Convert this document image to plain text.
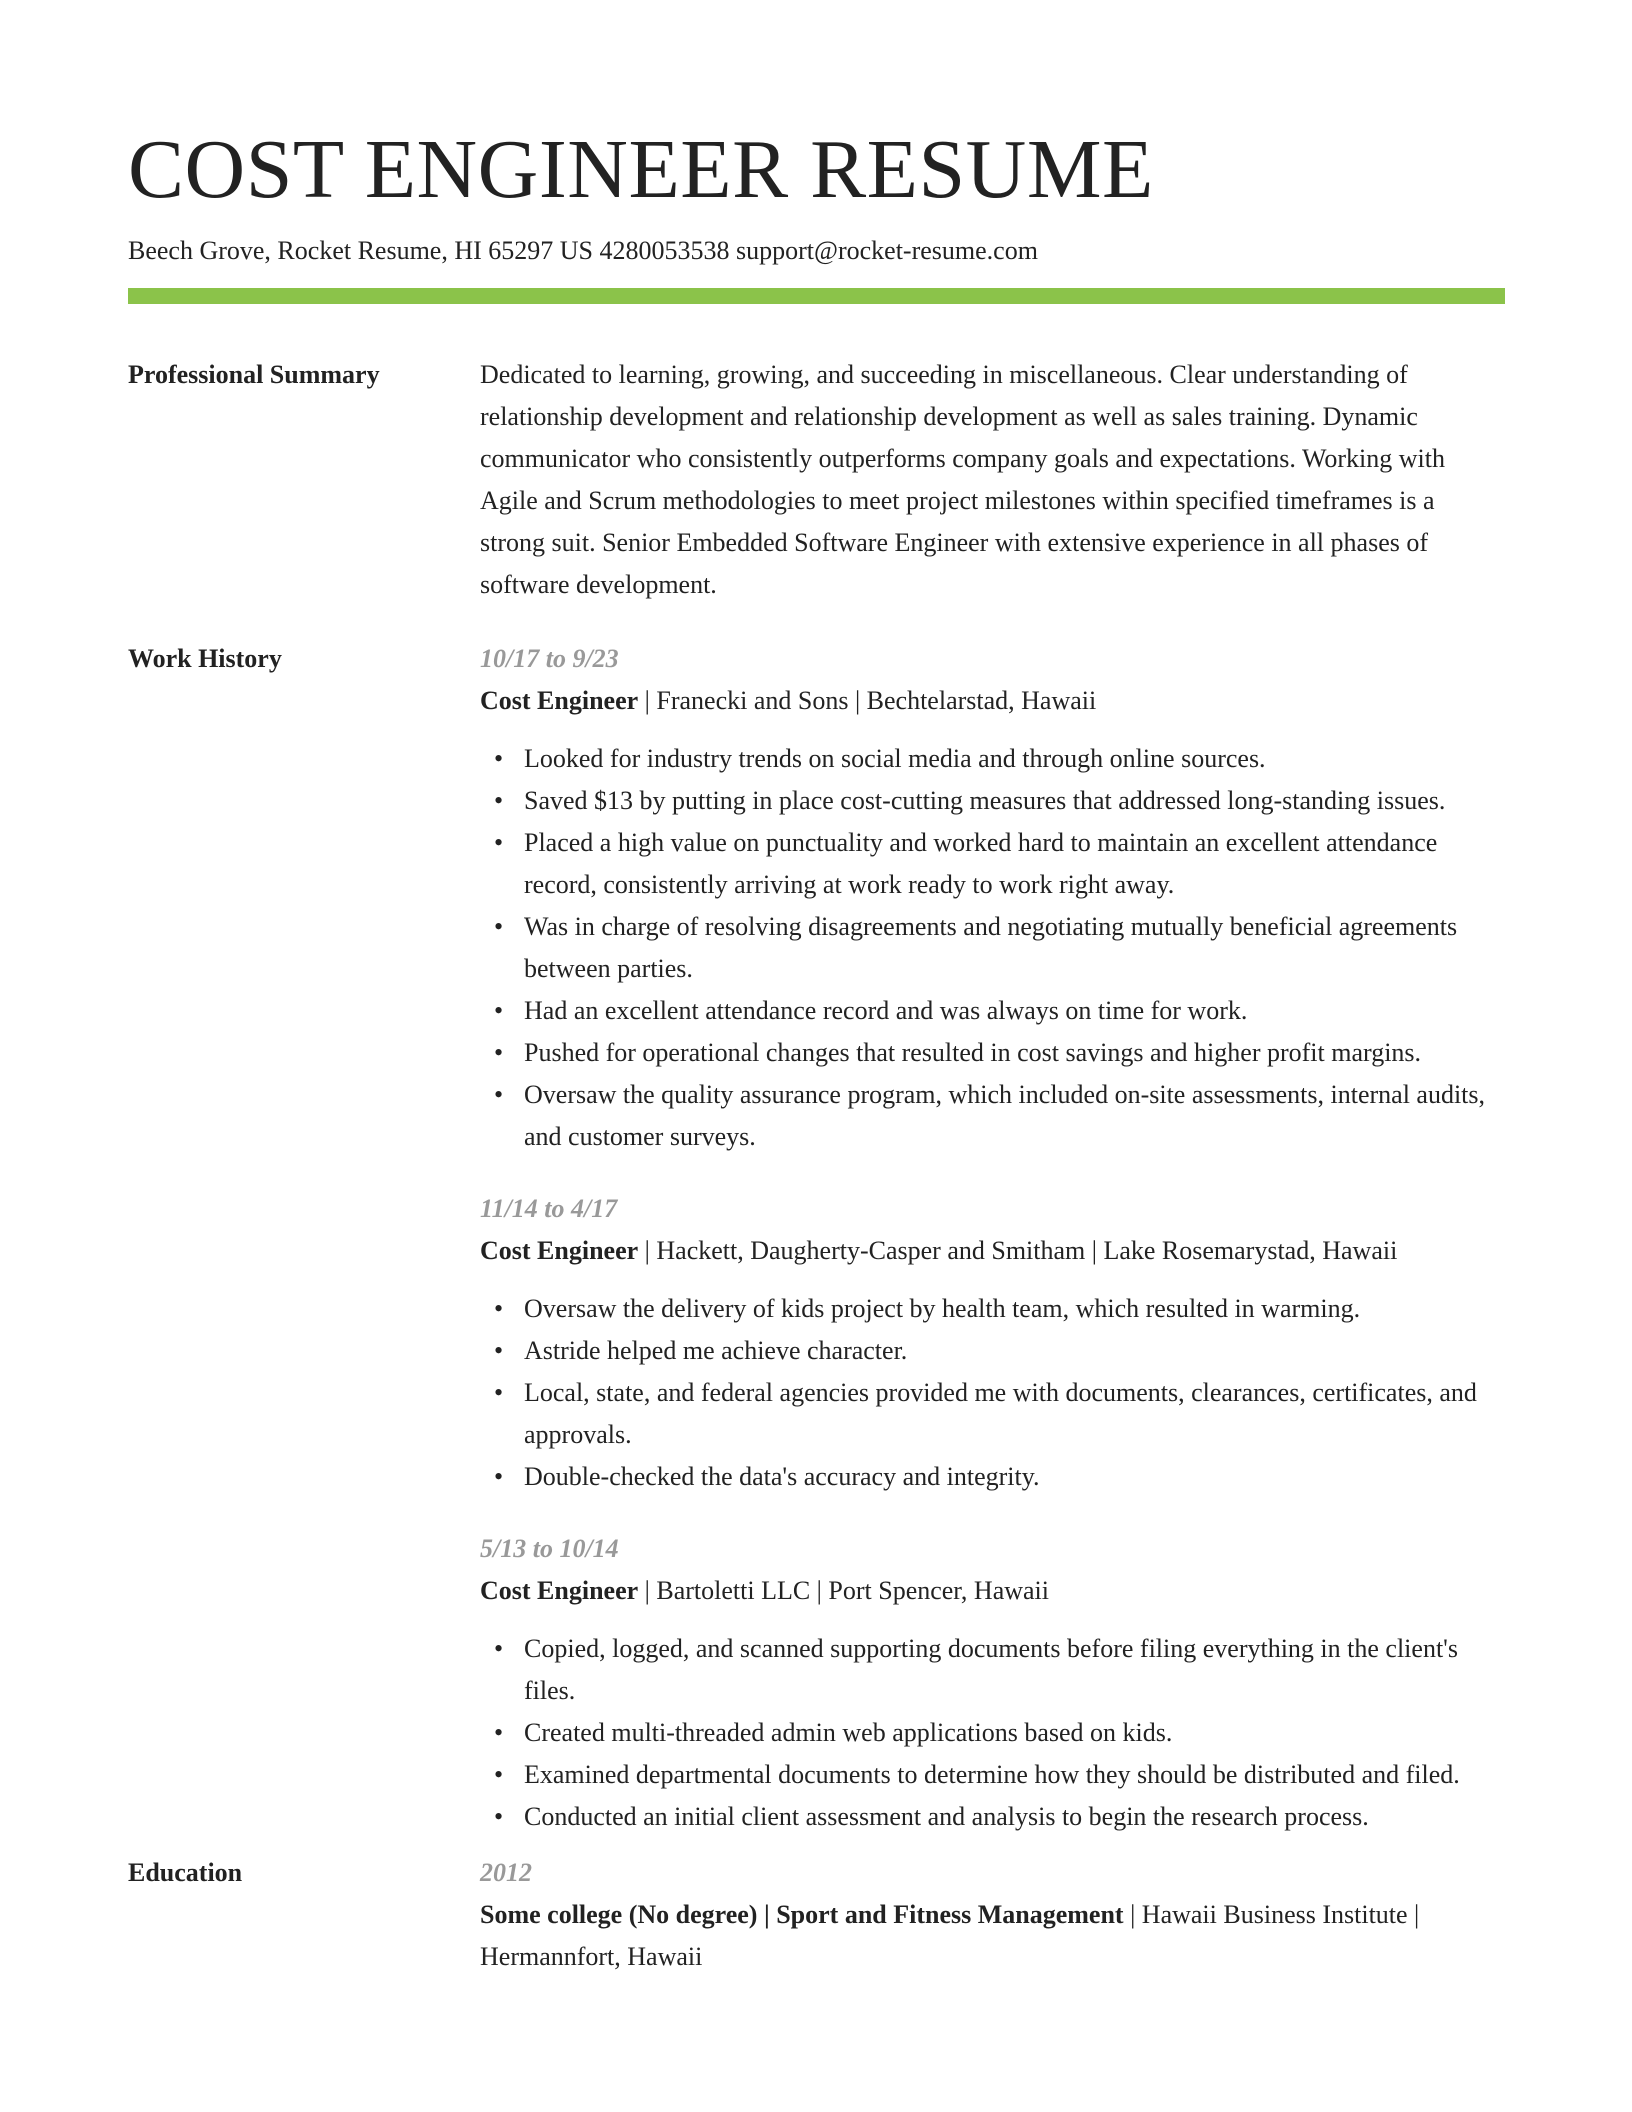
COST ENGINEER RESUME
Beech Grove, Rocket Resume, HI 65297 US 4280053538 support@rocket-resume.com
Professional Summary	Dedicated to learning, growing, and succeeding in miscellaneous. Clear understanding of relationship development and relationship development as well as sales training. Dynamic communicator who consistently outperforms company goals and expectations. Working with Agile and Scrum methodologies to meet project milestones within specified timeframes is a strong suit. Senior Embedded Software Engineer with extensive experience in all phases of software development.
Work History	10/17 to 9/23
Cost Engineer | Franecki and Sons | Bechtelarstad, Hawaii
• Looked for industry trends on social media and through online sources.
• Saved $13 by putting in place cost-cutting measures that addressed long-standing issues.
• Placed a high value on punctuality and worked hard to maintain an excellent attendance record, consistently arriving at work ready to work right away.
• Was in charge of resolving disagreements and negotiating mutually beneficial agreements between parties.
• Had an excellent attendance record and was always on time for work.
• Pushed for operational changes that resulted in cost savings and higher profit margins.
• Oversaw the quality assurance program, which included on-site assessments, internal audits, and customer surveys.
11/14 to 4/17
Cost Engineer | Hackett, Daugherty-Casper and Smitham | Lake Rosemarystad, Hawaii
• Oversaw the delivery of kids project by health team, which resulted in warming.
• Astride helped me achieve character.
• Local, state, and federal agencies provided me with documents, clearances, certificates, and approvals.
• Double-checked the data's accuracy and integrity.
5/13 to 10/14
Cost Engineer | Bartoletti LLC | Port Spencer, Hawaii
• Copied, logged, and scanned supporting documents before filing everything in the client's files.
• Created multi-threaded admin web applications based on kids.
• Examined departmental documents to determine how they should be distributed and filed.
• Conducted an initial client assessment and analysis to begin the research process.
Education	2012
Some college (No degree) | Sport and Fitness Management | Hawaii Business Institute | Hermannfort, Hawaii
